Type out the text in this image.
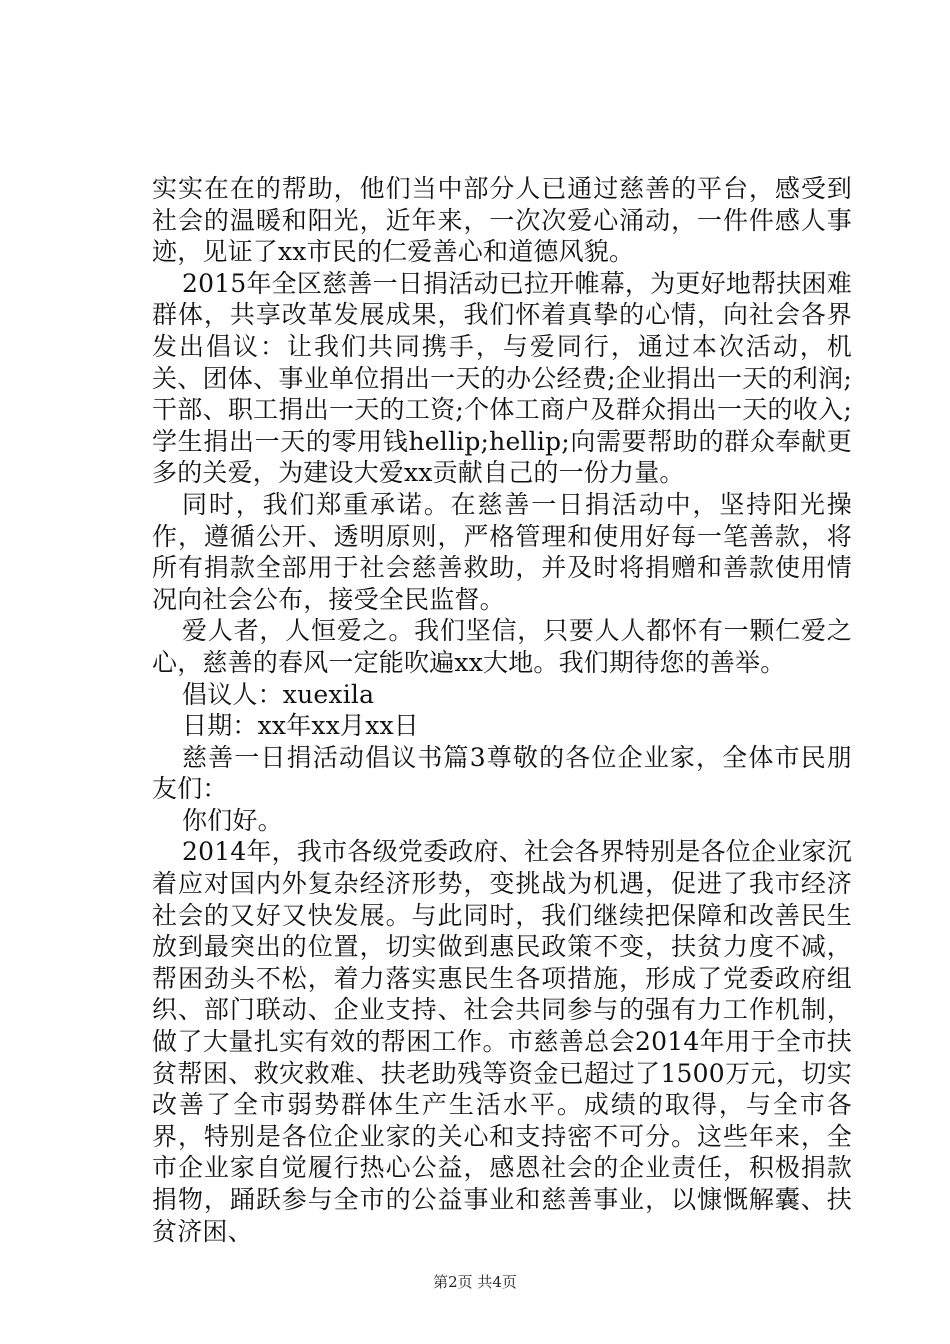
实实在在的帮助，他们当中部分人已通过慈善的平台，感受到社会的温暖和阳光，近年来，一次次爱心涌动，一件件感人事迹，见证了xx市民的仁爱善心和道德风貌。

2015年全区慈善一日捐活动已拉开帷幕，为更好地帮扶困难群体，共享改革发展成果，我们怀着真挚的心情，向社会各界发出倡议：让我们共同携手，与爱同行，通过本次活动，机关、团体、事业单位捐出一天的办公经费;企业捐出一天的利润;干部、职工捐出一天的工资;个体工商户及群众捐出一天的收入;学生捐出一天的零用钱hellip;hellip;向需要帮助的群众奉献更多的关爱，为建设大爱xx贡献自己的一份力量。

同时，我们郑重承诺。在慈善一日捐活动中，坚持阳光操作，遵循公开、透明原则，严格管理和使用好每一笔善款，将所有捐款全部用于社会慈善救助，并及时将捐赠和善款使用情况向社会公布，接受全民监督。

爱人者，人恒爱之。我们坚信，只要人人都怀有一颗仁爱之心，慈善的春风一定能吹遍xx大地。我们期待您的善举。

倡议人：xuexila

日期：xx年xx月xx日

慈善一日捐活动倡议书篇3尊敬的各位企业家，全体市民朋友们：

你们好。

2014年，我市各级党委政府、社会各界特别是各位企业家沉着应对国内外复杂经济形势，变挑战为机遇，促进了我市经济社会的又好又快发展。与此同时，我们继续把保障和改善民生放到最突出的位置，切实做到惠民政策不变，扶贫力度不减，帮困劲头不松，着力落实惠民生各项措施，形成了党委政府组织、部门联动、企业支持、社会共同参与的强有力工作机制，做了大量扎实有效的帮困工作。市慈善总会2014年用于全市扶贫帮困、救灾救难、扶老助残等资金已超过了1500万元，切实改善了全市弱势群体生产生活水平。成绩的取得，与全市各界，特别是各位企业家的关心和支持密不可分。这些年来，全市企业家自觉履行热心公益，感恩社会的企业责任，积极捐款捐物，踊跃参与全市的公益事业和慈善事业，以慷慨解囊、扶贫济困、

第2页 共4页
